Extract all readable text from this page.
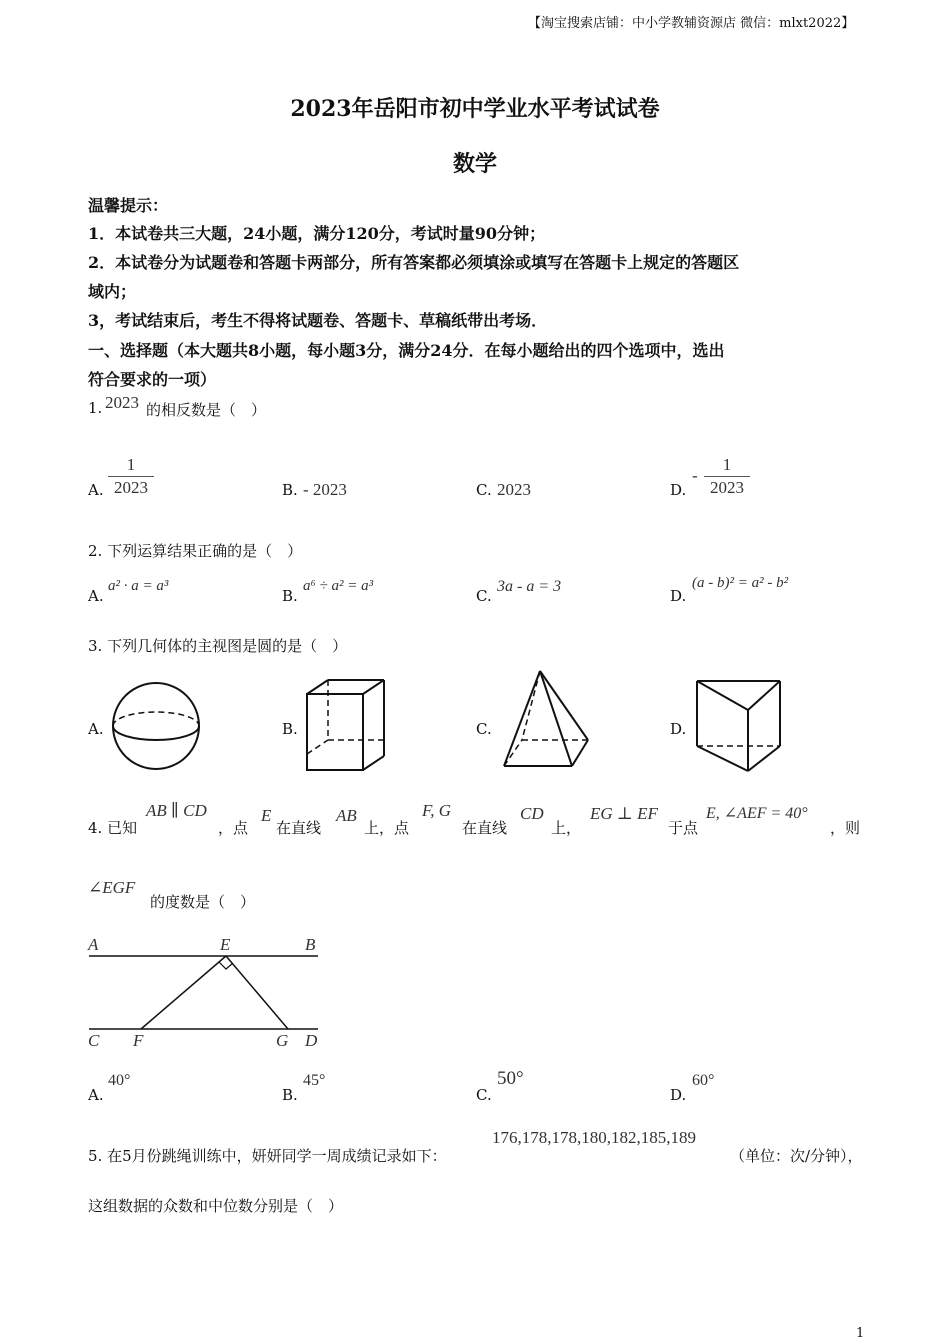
【淘宝搜索店铺：中小学教辅资源店 微信：mlxt2022】
2023年岳阳市初中学业水平考试试卷
数学
温馨提示：
1．本试卷共三大题，24小题，满分120分，考试时量90分钟；
2．本试卷分为试题卷和答题卡两部分，所有答案都必须填涂或填写在答题卡上规定的答题区
域内；
3，考试结束后，考生不得将试题卷、答题卡、草稿纸带出考场．
一、选择题（本大题共8小题，每小题3分，满分24分．在每小题给出的四个选项中，选出
符合要求的一项）
1. 2023 的相反数是（　）
A.
1
2023	B. - 2023	C. 2023	D.
-
1
2023
2. 下列运算结果正确的是（　）
A.
a² · a = a³
B.
a⁶ ÷ a² = a³
C.
3a - a = 3
D.
(a - b)² = a² - b²
3. 下列几何体的主视图是圆的是（　）
A.	B.	C.	D.
4. 已知
AB ∥ CD
，点
E
在直线
AB
上，点
F, G
在直线
CD
上，
EG ⊥ EF
于点
E, ∠AEF = 40°
，则
∠EGF
的度数是（　）
A	E	B
C F	G D
A.
40°
B.
45°
C.
50°
D.
60°
5. 在5月份跳绳训练中，妍妍同学一周成绩记录如下：
176,178,178,180,182,185,189
（单位：次/分钟），
这组数据的众数和中位数分别是（　）
1
